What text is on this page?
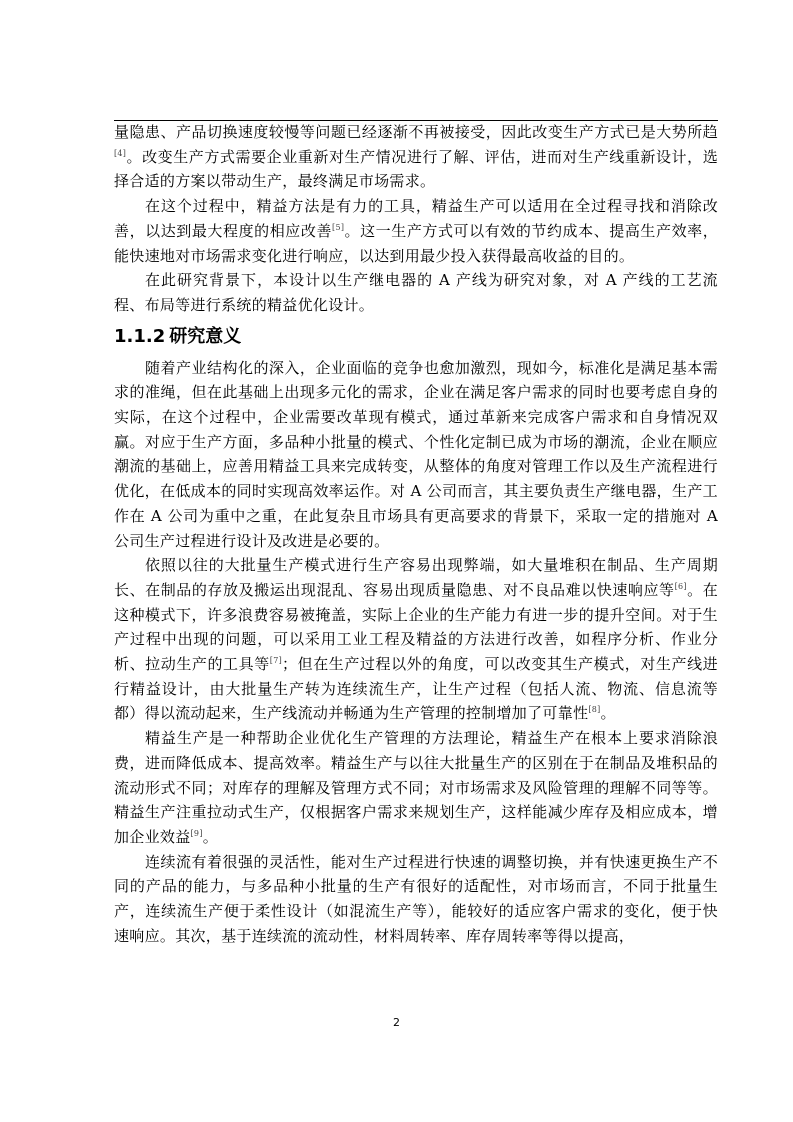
量隐患、产品切换速度较慢等问题已经逐渐不再被接受，因此改变生产方式已是大势所趋[4]。改变生产方式需要企业重新对生产情况进行了解、评估，进而对生产线重新设计，选择合适的方案以带动生产，最终满足市场需求。

在这个过程中，精益方法是有力的工具，精益生产可以适用在全过程寻找和消除改善，以达到最大程度的相应改善[5]。这一生产方式可以有效的节约成本、提高生产效率，能快速地对市场需求变化进行响应，以达到用最少投入获得最高收益的目的。

在此研究背景下，本设计以生产继电器的 A 产线为研究对象，对 A 产线的工艺流程、布局等进行系统的精益优化设计。

1.1.2 研究意义

随着产业结构化的深入，企业面临的竞争也愈加激烈，现如今，标准化是满足基本需求的准绳，但在此基础上出现多元化的需求，企业在满足客户需求的同时也要考虑自身的实际，在这个过程中，企业需要改革现有模式，通过革新来完成客户需求和自身情况双赢。对应于生产方面，多品种小批量的模式、个性化定制已成为市场的潮流，企业在顺应潮流的基础上，应善用精益工具来完成转变，从整体的角度对管理工作以及生产流程进行优化，在低成本的同时实现高效率运作。对 A 公司而言，其主要负责生产继电器，生产工作在 A 公司为重中之重，在此复杂且市场具有更高要求的背景下，采取一定的措施对 A 公司生产过程进行设计及改进是必要的。

依照以往的大批量生产模式进行生产容易出现弊端，如大量堆积在制品、生产周期长、在制品的存放及搬运出现混乱、容易出现质量隐患、对不良品难以快速响应等[6]。在这种模式下，许多浪费容易被掩盖，实际上企业的生产能力有进一步的提升空间。对于生产过程中出现的问题，可以采用工业工程及精益的方法进行改善，如程序分析、作业分析、拉动生产的工具等[7]；但在生产过程以外的角度，可以改变其生产模式，对生产线进行精益设计，由大批量生产转为连续流生产，让生产过程（包括人流、物流、信息流等都）得以流动起来，生产线流动并畅通为生产管理的控制增加了可靠性[8]。

精益生产是一种帮助企业优化生产管理的方法理论，精益生产在根本上要求消除浪费，进而降低成本、提高效率。精益生产与以往大批量生产的区别在于在制品及堆积品的流动形式不同；对库存的理解及管理方式不同；对市场需求及风险管理的理解不同等等。精益生产注重拉动式生产，仅根据客户需求来规划生产，这样能减少库存及相应成本，增加企业效益[9]。

连续流有着很强的灵活性，能对生产过程进行快速的调整切换，并有快速更换生产不同的产品的能力，与多品种小批量的生产有很好的适配性，对市场而言，不同于批量生产，连续流生产便于柔性设计（如混流生产等），能较好的适应客户需求的变化，便于快速响应。其次，基于连续流的流动性，材料周转率、库存周转率等得以提高，

2
